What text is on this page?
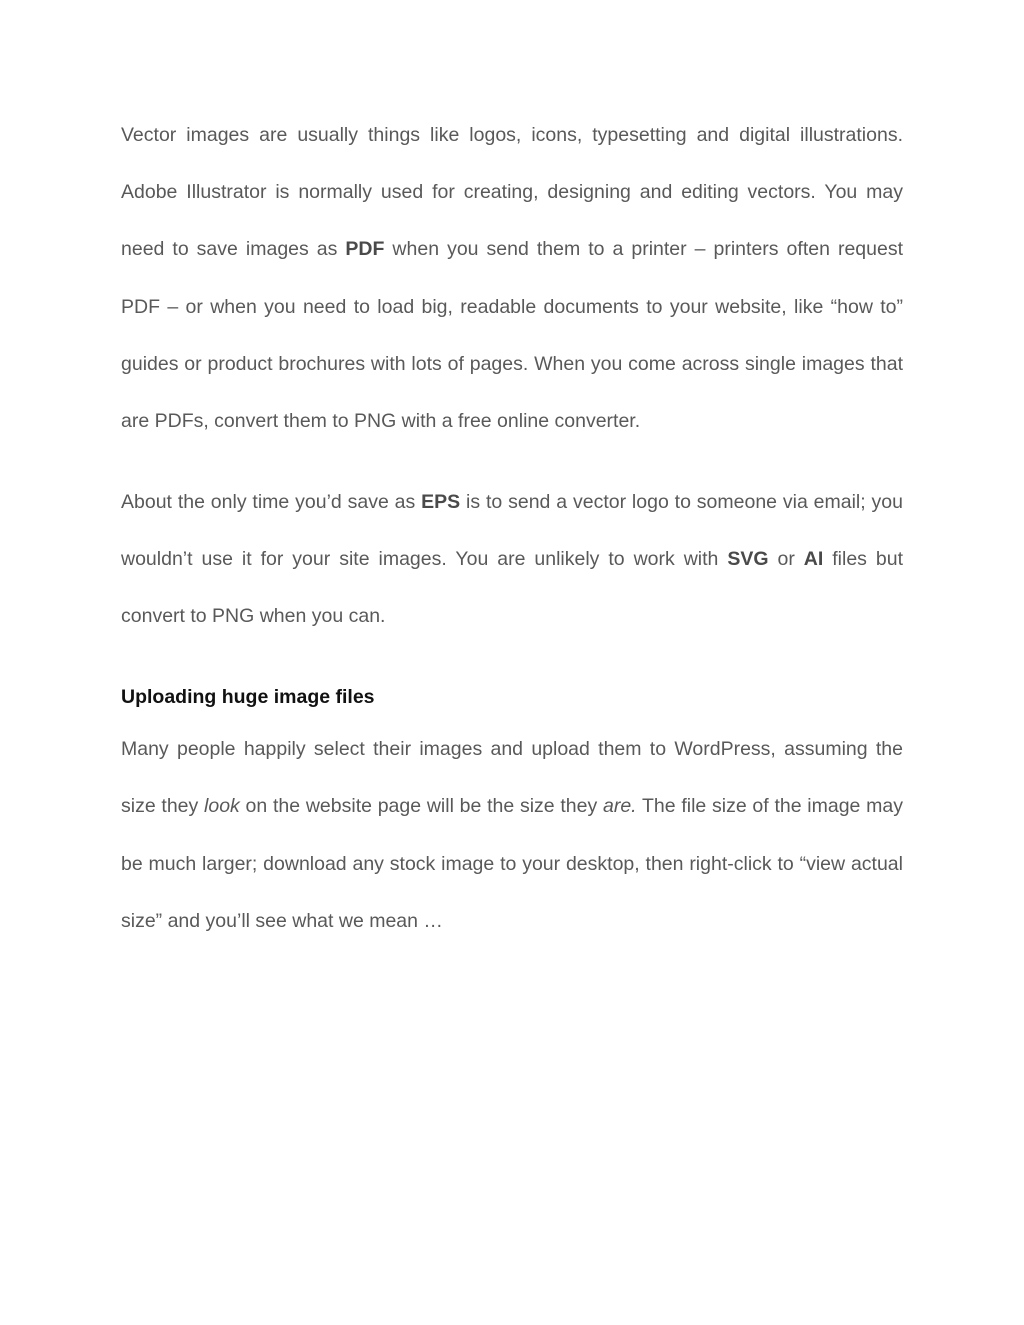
Vector images are usually things like logos, icons, typesetting and digital illustrations. Adobe Illustrator is normally used for creating, designing and editing vectors. You may need to save images as PDF when you send them to a printer – printers often request PDF – or when you need to load big, readable documents to your website, like “how to” guides or product brochures with lots of pages. When you come across single images that are PDFs, convert them to PNG with a free online converter.

About the only time you’d save as EPS is to send a vector logo to someone via email; you wouldn’t use it for your site images. You are unlikely to work with SVG or AI files but convert to PNG when you can.

Uploading huge image files

Many people happily select their images and upload them to WordPress, assuming the size they look on the website page will be the size they are. The file size of the image may be much larger; download any stock image to your desktop, then right-click to “view actual size” and you’ll see what we mean …
